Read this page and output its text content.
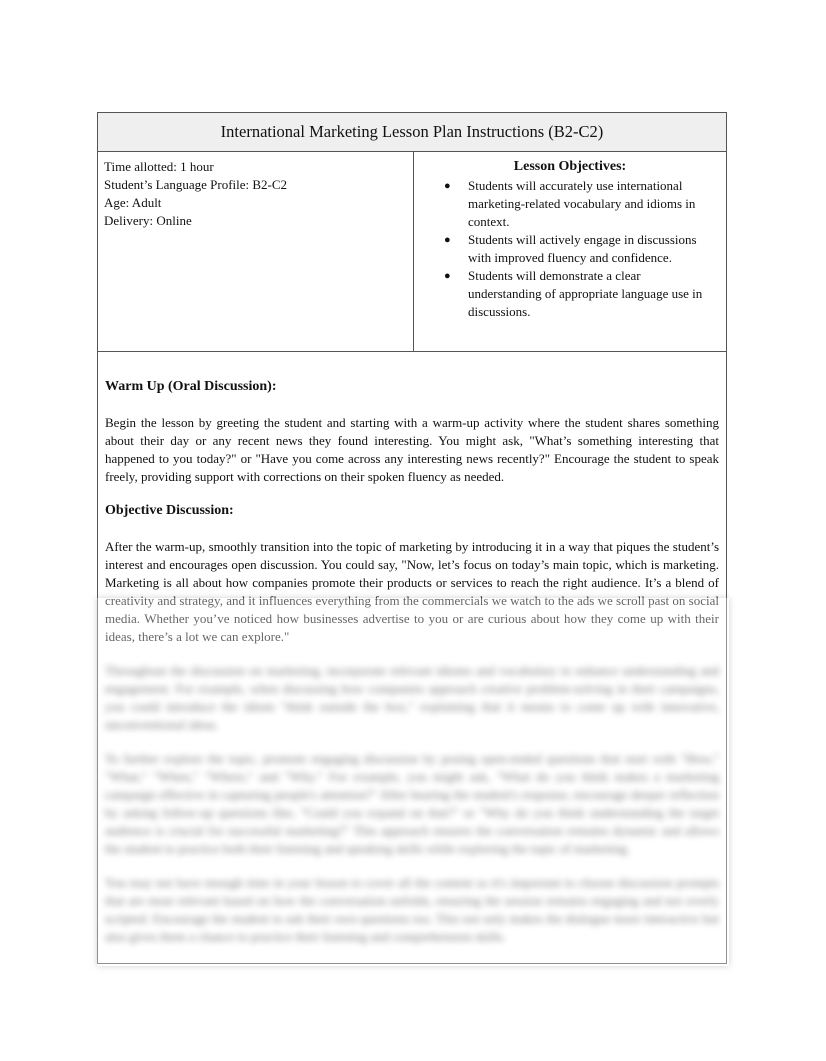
International Marketing Lesson Plan Instructions (B2-C2)
Time allotted: 1 hour
Student’s Language Profile: B2-C2
Age: Adult
Delivery: Online
Lesson Objectives:
● Students will accurately use international marketing-related vocabulary and idioms in context.
● Students will actively engage in discussions with improved fluency and confidence.
● Students will demonstrate a clear understanding of appropriate language use in discussions.
Warm Up (Oral Discussion):

Begin the lesson by greeting the student and starting with a warm-up activity where the student shares something about their day or any recent news they found interesting. You might ask, "What’s something interesting that happened to you today?" or "Have you come across any interesting news recently?" Encourage the student to speak freely, providing support with corrections on their spoken fluency as needed.

Objective Discussion:

After the warm-up, smoothly transition into the topic of marketing by introducing it in a way that piques the student’s interest and encourages open discussion. You could say, "Now, let’s focus on today’s main topic, which is marketing. Marketing is all about how companies promote their products or services to reach the right audience. It’s a blend of creativity and strategy, and it influences everything from the commercials we watch to the ads we scroll past on social media. Whether you’ve noticed how businesses advertise to you or are curious about how they come up with their ideas, there’s a lot we can explore."

Throughout the discussion on marketing, incorporate relevant idioms and vocabulary to enhance understanding and engagement. For example, when discussing how companies approach creative problem-solving in their campaigns, you could introduce the idiom "think outside the box," explaining that it means to come up with innovative, unconventional ideas.

To further explore the topic, promote engaging discussion by posing open-ended questions that start with "How," "What," "When," "Where," and "Why." For example, you might ask, "What do you think makes a marketing campaign effective in capturing people's attention?" After hearing the student's response, encourage deeper reflection by asking follow-up questions like, "Could you expand on that?" or "Why do you think understanding the target audience is crucial for successful marketing?" This approach ensures the conversation remains dynamic and allows the student to practice both their listening and speaking skills while exploring the topic of marketing.

You may not have enough time in your lesson to cover all the content so it's important to choose discussion prompts that are most relevant based on how the conversation unfolds, ensuring the session remains engaging and not overly scripted. Encourage the student to ask their own questions too. This not only makes the dialogue more interactive but also gives them a chance to practice their listening and comprehension skills.
